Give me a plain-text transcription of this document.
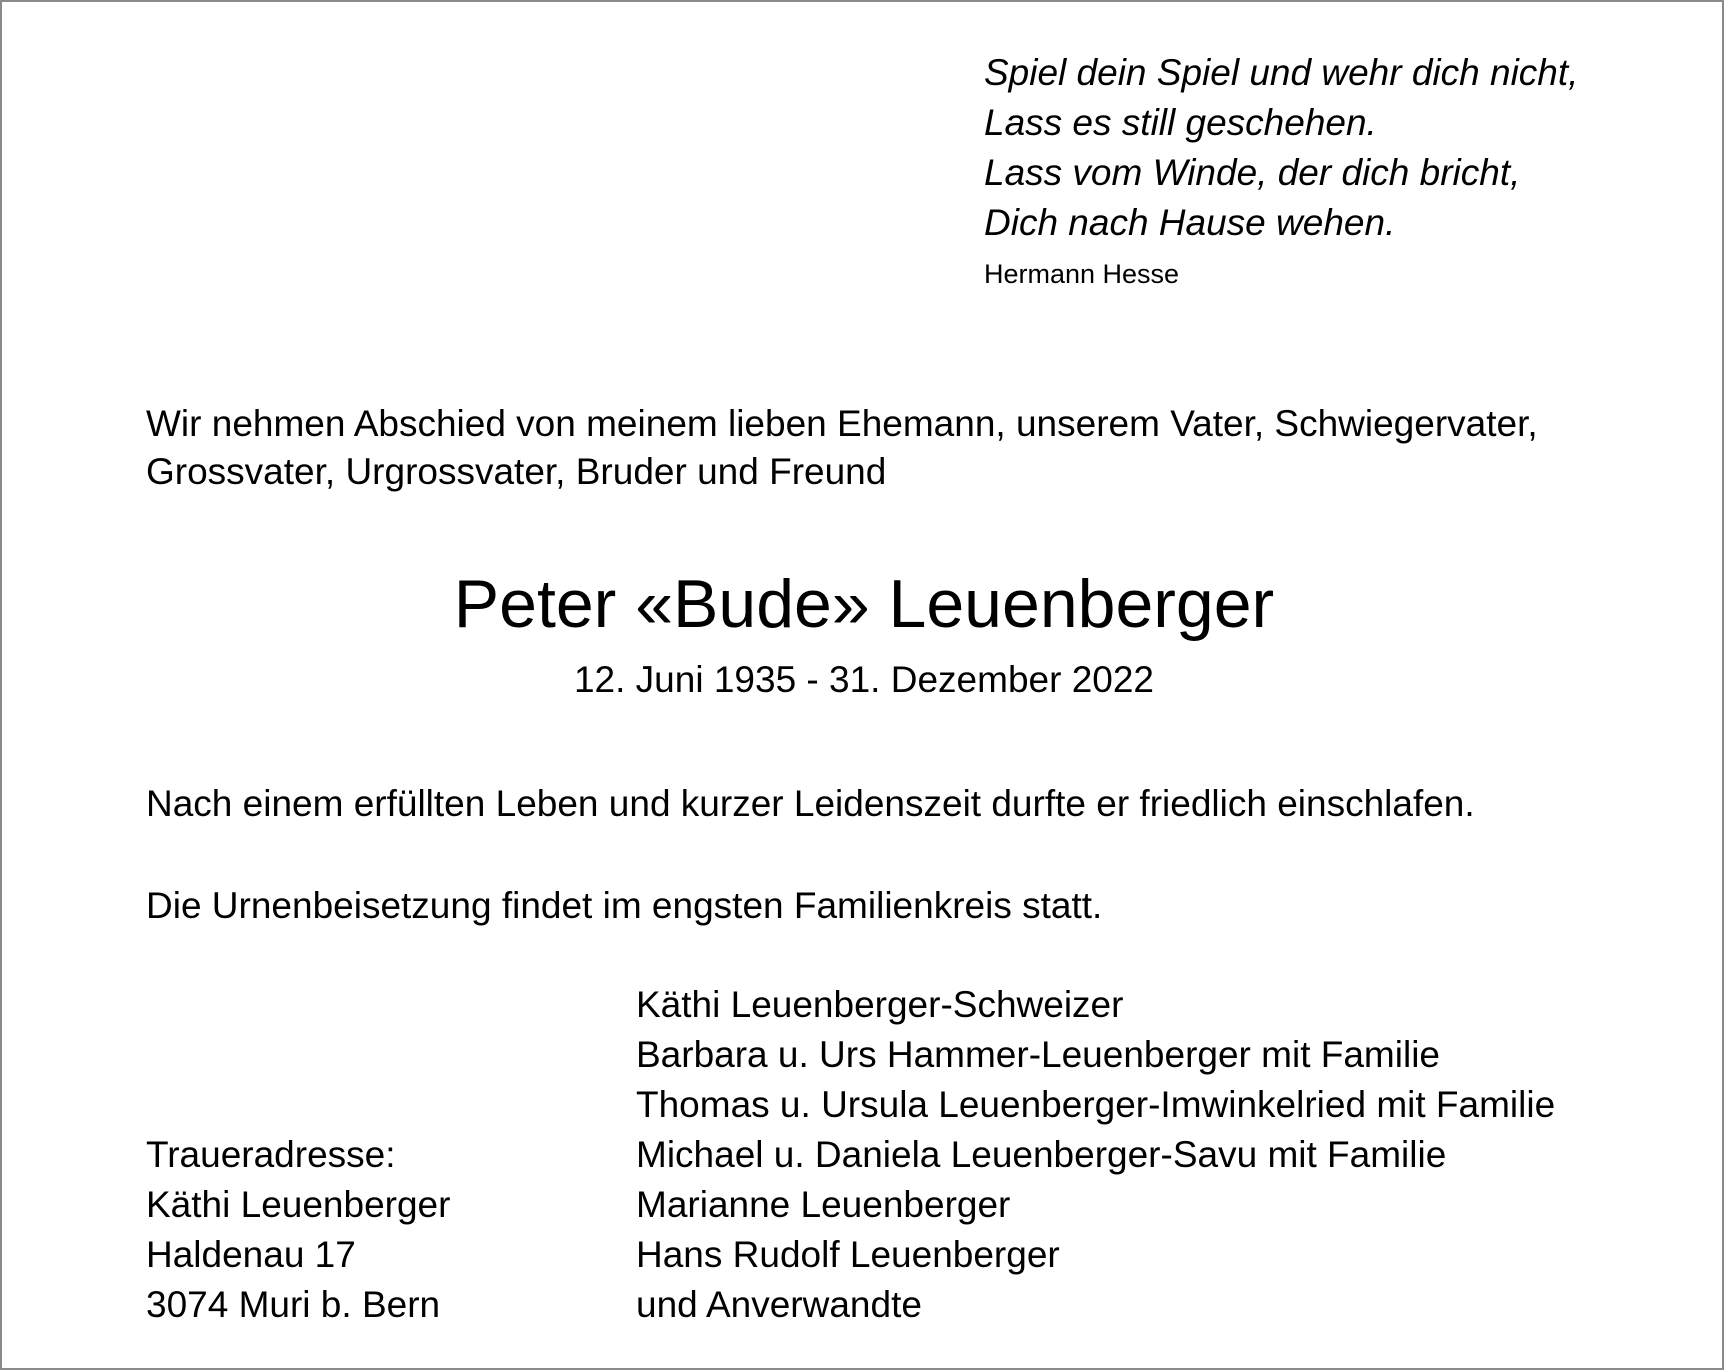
Spiel dein Spiel und wehr dich nicht,
Lass es still geschehen.
Lass vom Winde, der dich bricht,
Dich nach Hause wehen.
Hermann Hesse
Wir nehmen Abschied von meinem lieben Ehemann, unserem Vater, Schwiegervater,
Grossvater, Urgrossvater, Bruder und Freund
Peter «Bude» Leuenberger
12. Juni 1935 - 31. Dezember 2022
Nach einem erfüllten Leben und kurzer Leidenszeit durfte er friedlich einschlafen.
Die Urnenbeisetzung findet im engsten Familienkreis statt.
Käthi Leuenberger-Schweizer
Barbara u. Urs Hammer-Leuenberger mit Familie
Thomas u. Ursula Leuenberger-Imwinkelried mit Familie
Michael u. Daniela Leuenberger-Savu mit Familie
Marianne Leuenberger
Hans Rudolf Leuenberger
und Anverwandte
Traueradresse:
Käthi Leuenberger
Haldenau 17
3074 Muri b. Bern
